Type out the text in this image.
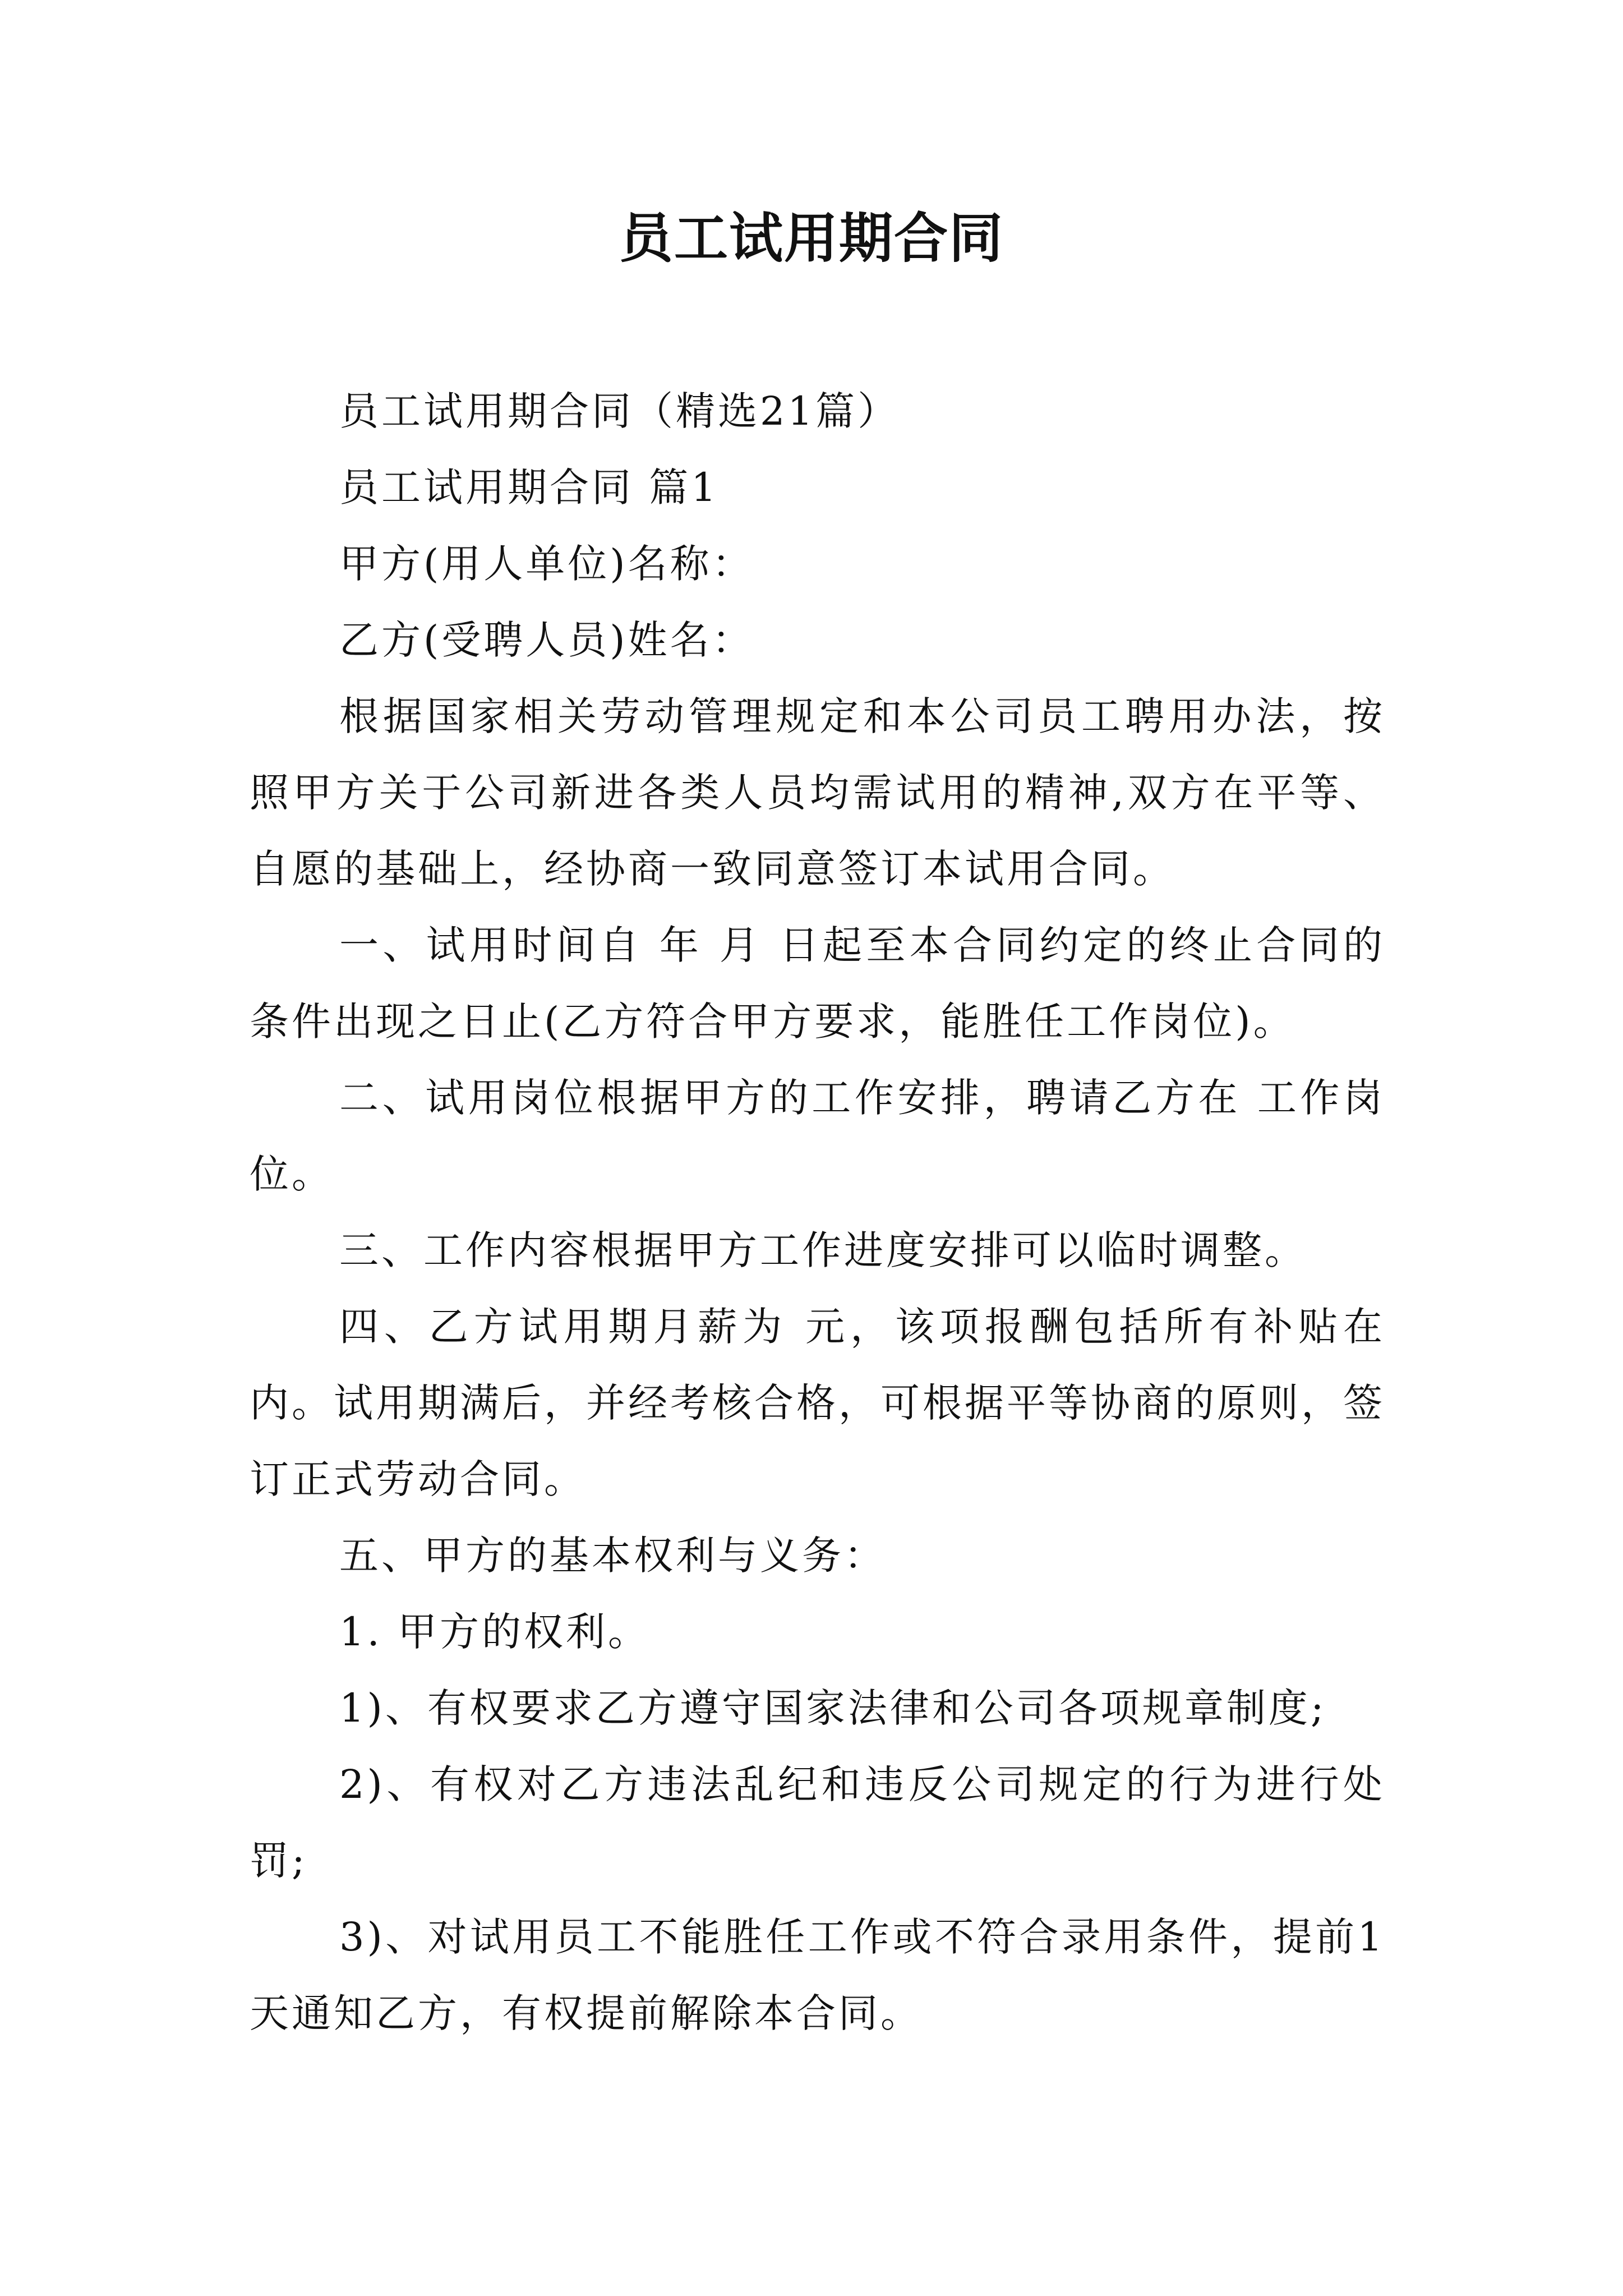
员工试用期合同

员工试用期合同（精选21篇）

员工试用期合同 篇1

甲方(用人单位)名称：

乙方(受聘人员)姓名：

根据国家相关劳动管理规定和本公司员工聘用办法，按照甲方关于公司新进各类人员均需试用的精神,双方在平等、自愿的基础上，经协商一致同意签订本试用合同。

一、试用时间自 年 月 日起至本合同约定的终止合同的条件出现之日止(乙方符合甲方要求，能胜任工作岗位)。

二、试用岗位根据甲方的工作安排，聘请乙方在 工作岗位。

三、工作内容根据甲方工作进度安排可以临时调整。

四、乙方试用期月薪为 元，该项报酬包括所有补贴在内。试用期满后，并经考核合格，可根据平等协商的原则，签订正式劳动合同。

五、甲方的基本权利与义务：

1. 甲方的权利。

1)、有权要求乙方遵守国家法律和公司各项规章制度;

2)、有权对乙方违法乱纪和违反公司规定的行为进行处罚;

3)、对试用员工不能胜任工作或不符合录用条件，提前1天通知乙方，有权提前解除本合同。
